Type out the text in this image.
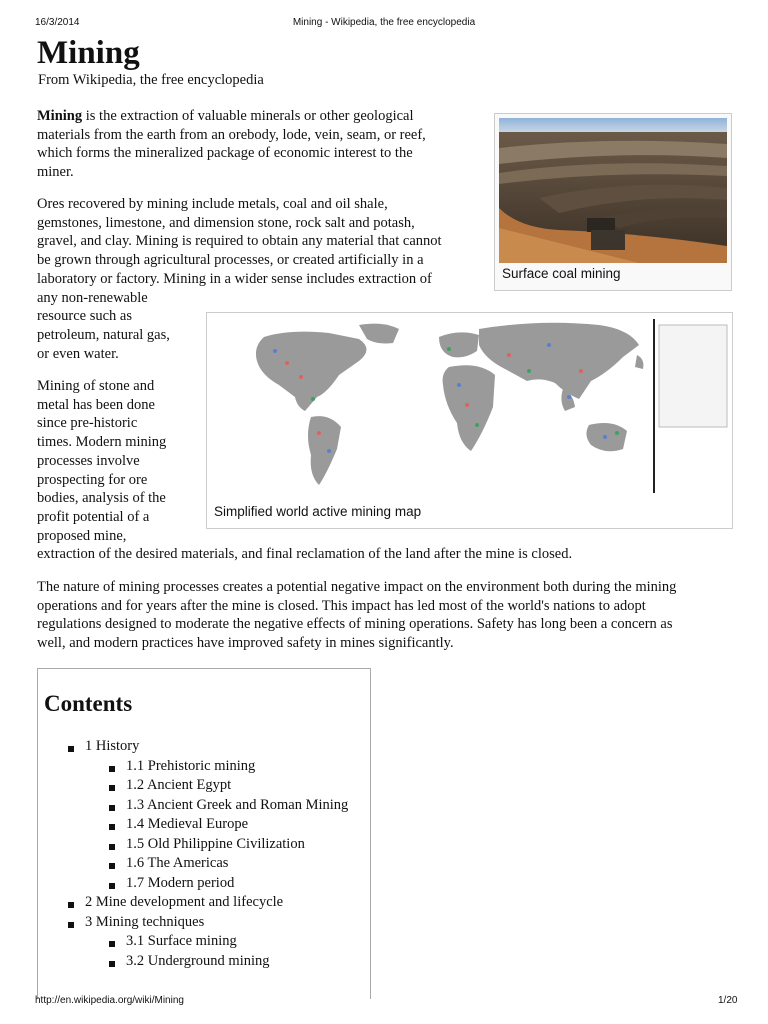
16/3/2014	Mining - Wikipedia, the free encyclopedia
Mining
From Wikipedia, the free encyclopedia
Mining is the extraction of valuable minerals or other geological
materials from the earth from an orebody, lode, vein, seam, or reef,
which forms the mineralized package of economic interest to the
miner.
Ores recovered by mining include metals, coal and oil shale,
gemstones, limestone, and dimension stone, rock salt and potash,
gravel, and clay. Mining is required to obtain any material that cannot
be grown through agricultural processes, or created artificially in a
laboratory or factory. Mining in a wider sense includes extraction of
any non-renewable
resource such as
petroleum, natural gas,
or even water.
Mining of stone and
metal has been done
since pre-historic
times. Modern mining
processes involve
prospecting for ore
bodies, analysis of the
profit potential of a
proposed mine,
extraction of the desired materials, and final reclamation of the land after the mine is closed.
The nature of mining processes creates a potential negative impact on the environment both during the mining
operations and for years after the mine is closed. This impact has led most of the world's nations to adopt
regulations designed to moderate the negative effects of mining operations. Safety has long been a concern as
well, and modern practices have improved safety in mines significantly.
Surface coal mining
Simplified world active mining map
Contents
1 History
1.1 Prehistoric mining
1.2 Ancient Egypt
1.3 Ancient Greek and Roman Mining
1.4 Medieval Europe
1.5 Old Philippine Civilization
1.6 The Americas
1.7 Modern period
2 Mine development and lifecycle
3 Mining techniques
3.1 Surface mining
3.2 Underground mining
http://en.wikipedia.org/wiki/Mining	1/20
